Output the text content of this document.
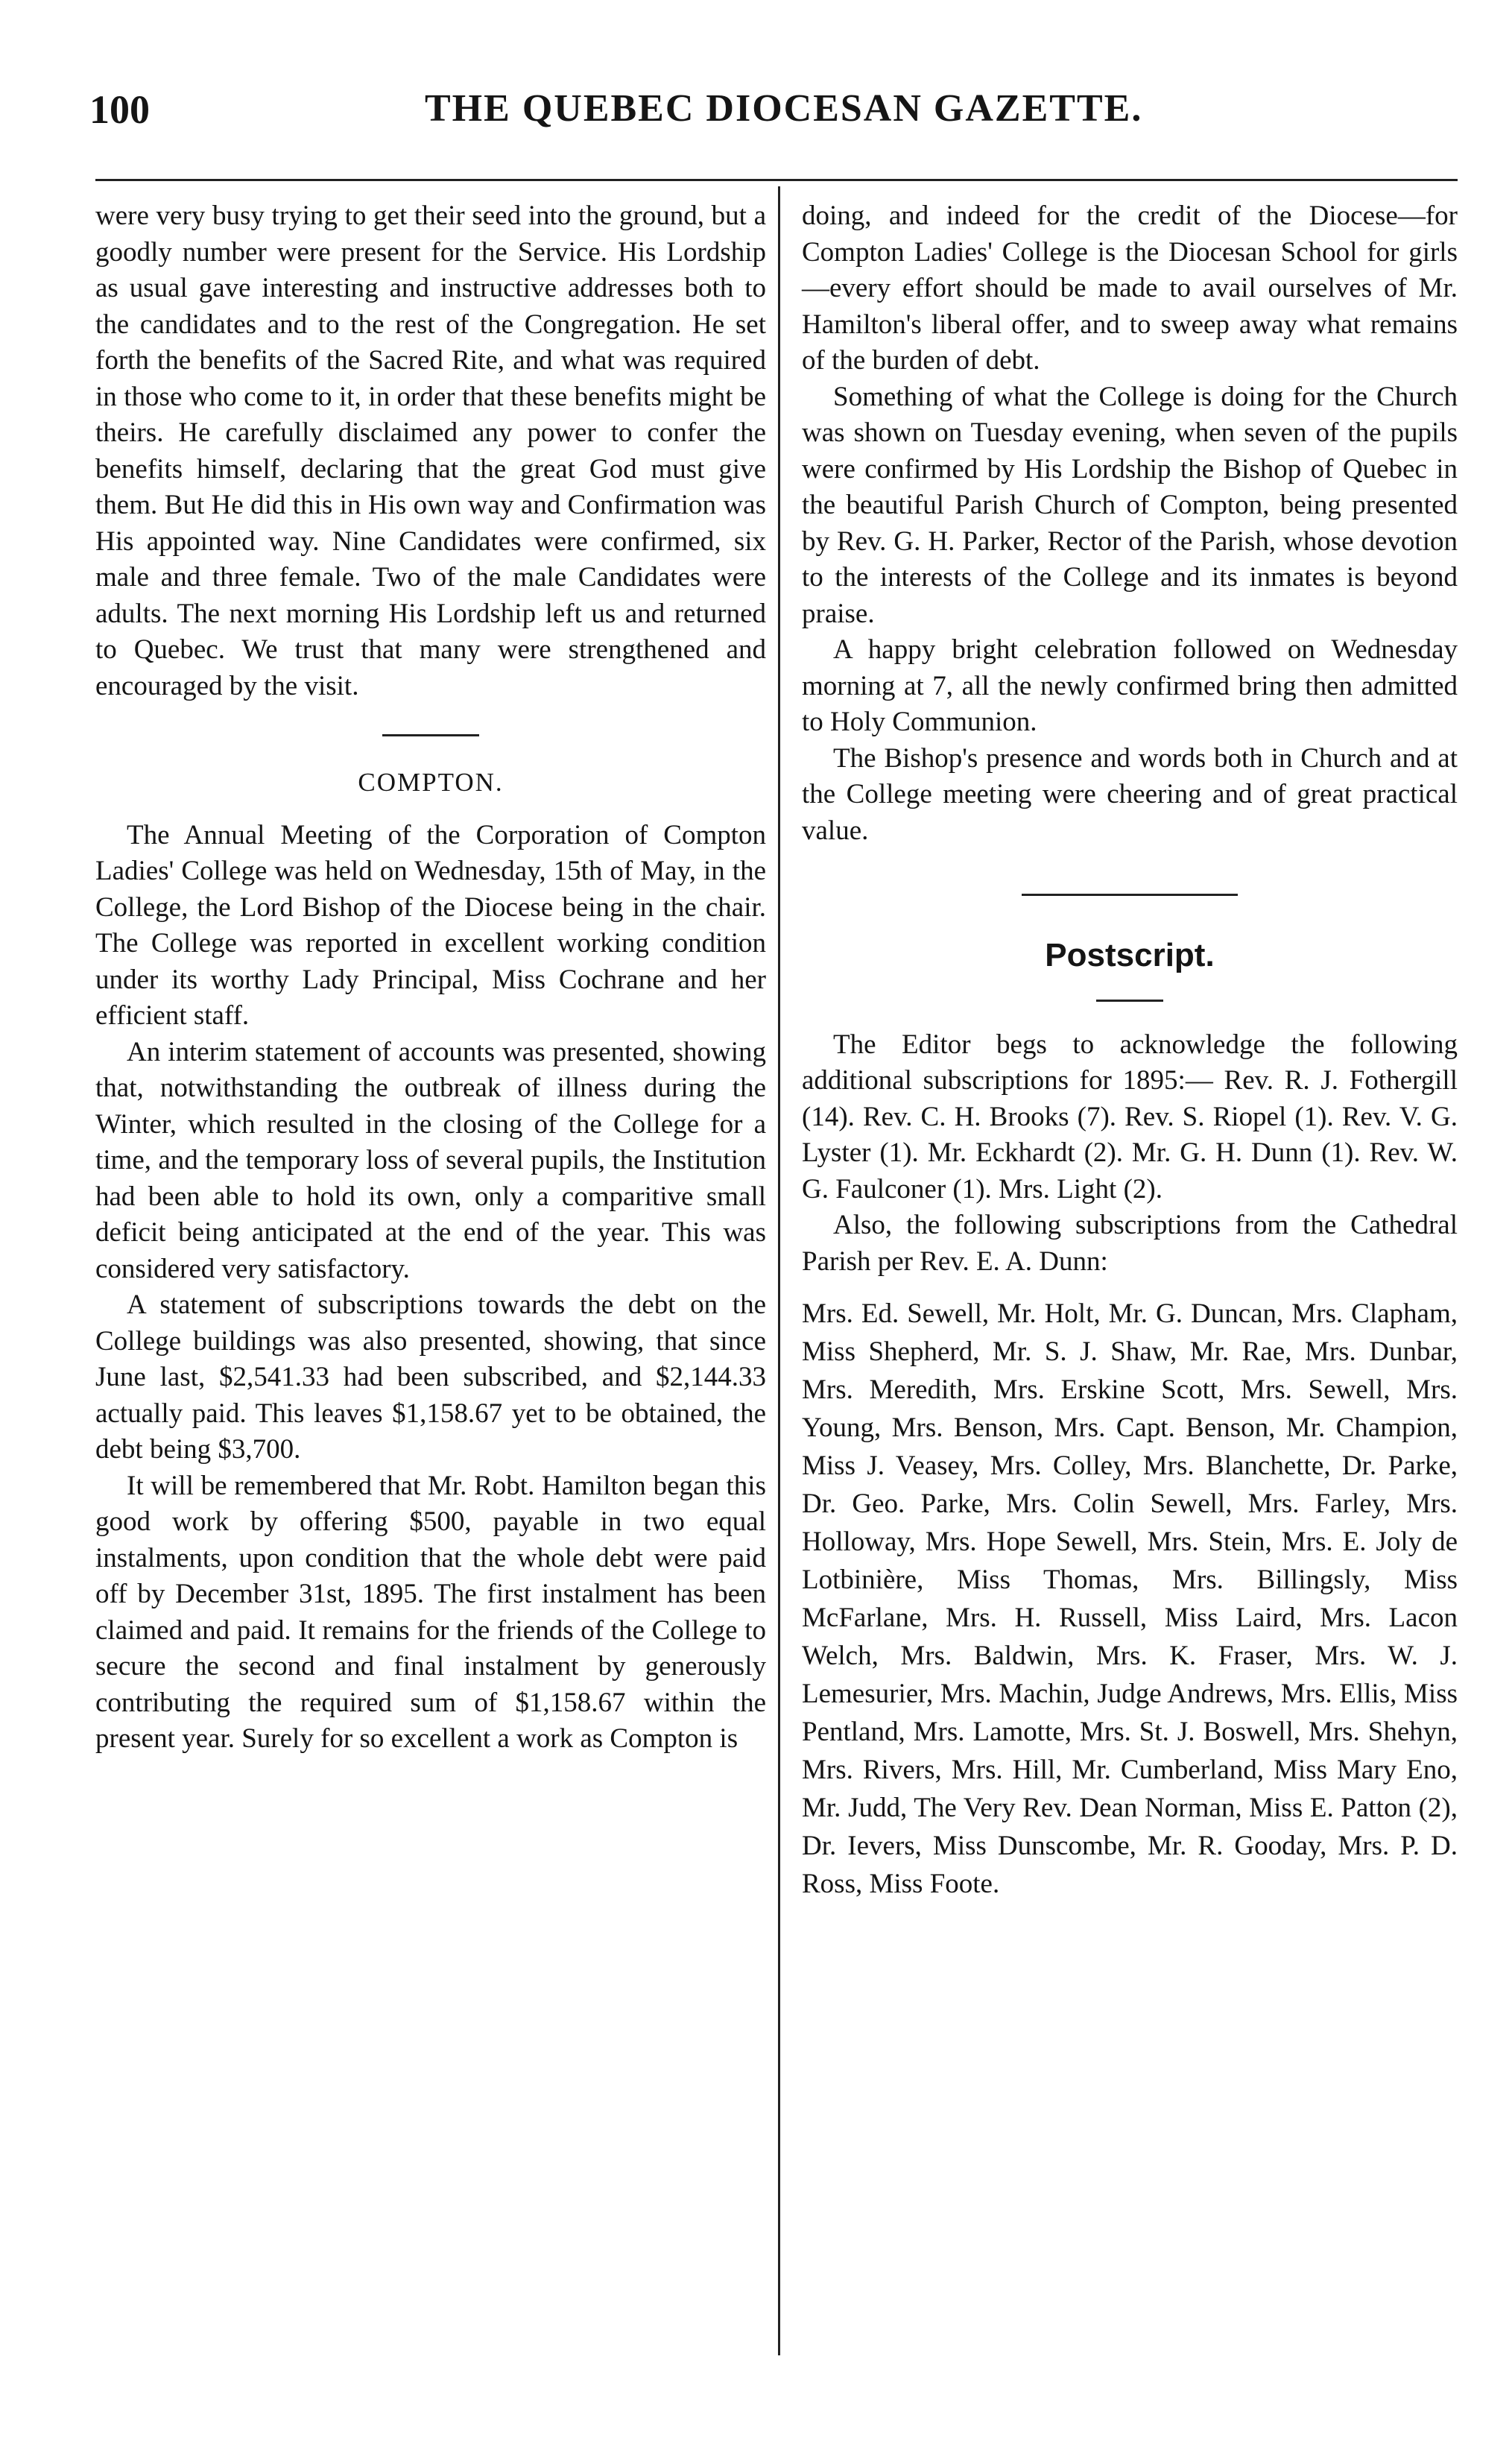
100	THE QUEBEC DIOCESAN GAZETTE.

were very busy trying to get their seed into the ground, but a goodly number were present for the Service. His Lordship as usual gave interesting and instructive addresses both to the candidates and to the rest of the Congregation. He set forth the benefits of the Sacred Rite, and what was required in those who come to it, in order that these benefits might be theirs. He carefully disclaimed any power to confer the benefits himself, declaring that the great God must give them. But He did this in His own way and Confirmation was His appointed way. Nine Candidates were confirmed, six male and three female. Two of the male Candidates were adults. The next morning His Lordship left us and returned to Quebec. We trust that many were strengthened and encouraged by the visit.

COMPTON.

The Annual Meeting of the Corporation of Compton Ladies' College was held on Wednesday, 15th of May, in the College, the Lord Bishop of the Diocese being in the chair. The College was reported in excellent working condition under its worthy Lady Principal, Miss Cochrane and her efficient staff.

An interim statement of accounts was presented, showing that, notwithstanding the outbreak of illness during the Winter, which resulted in the closing of the College for a time, and the temporary loss of several pupils, the Institution had been able to hold its own, only a comparitive small deficit being anticipated at the end of the year. This was considered very satisfactory.

A statement of subscriptions towards the debt on the College buildings was also presented, showing, that since June last, $2,541.33 had been subscribed, and $2,144.33 actually paid. This leaves $1,158.67 yet to be obtained, the debt being $3,700.

It will be remembered that Mr. Robt. Hamilton began this good work by offering $500, payable in two equal instalments, upon condition that the whole debt were paid off by December 31st, 1895. The first instalment has been claimed and paid. It remains for the friends of the College to secure the second and final instalment by generously contributing the required sum of $1,158.67 within the present year. Surely for so excellent a work as Compton is

doing, and indeed for the credit of the Diocese—for Compton Ladies' College is the Diocesan School for girls—every effort should be made to avail ourselves of Mr. Hamilton's liberal offer, and to sweep away what remains of the burden of debt.

Something of what the College is doing for the Church was shown on Tuesday evening, when seven of the pupils were confirmed by His Lordship the Bishop of Quebec in the beautiful Parish Church of Compton, being presented by Rev. G. H. Parker, Rector of the Parish, whose devotion to the interests of the College and its inmates is beyond praise.

A happy bright celebration followed on Wednesday morning at 7, all the newly confirmed bring then admitted to Holy Communion.

The Bishop's presence and words both in Church and at the College meeting were cheering and of great practical value.

Postscript.

The Editor begs to acknowledge the following additional subscriptions for 1895:— Rev. R. J. Fothergill (14). Rev. C. H. Brooks (7). Rev. S. Riopel (1). Rev. V. G. Lyster (1). Mr. Eckhardt (2). Mr. G. H. Dunn (1). Rev. W. G. Faulconer (1). Mrs. Light (2).

Also, the following subscriptions from the Cathedral Parish per Rev. E. A. Dunn:

Mrs. Ed. Sewell, Mr. Holt, Mr. G. Duncan, Mrs. Clapham, Miss Shepherd, Mr. S. J. Shaw, Mr. Rae, Mrs. Dunbar, Mrs. Meredith, Mrs. Erskine Scott, Mrs. Sewell, Mrs. Young, Mrs. Benson, Mrs. Capt. Benson, Mr. Champion, Miss J. Veasey, Mrs. Colley, Mrs. Blanchette, Dr. Parke, Dr. Geo. Parke, Mrs. Colin Sewell, Mrs. Farley, Mrs. Holloway, Mrs. Hope Sewell, Mrs. Stein, Mrs. E. Joly de Lotbinière, Miss Thomas, Mrs. Billingsly, Miss McFarlane, Mrs. H. Russell, Miss Laird, Mrs. Lacon Welch, Mrs. Baldwin, Mrs. K. Fraser, Mrs. W. J. Lemesurier, Mrs. Machin, Judge Andrews, Mrs. Ellis, Miss Pentland, Mrs. Lamotte, Mrs. St. J. Boswell, Mrs. Shehyn, Mrs. Rivers, Mrs. Hill, Mr. Cumberland, Miss Mary Eno, Mr. Judd, The Very Rev. Dean Norman, Miss E. Patton (2), Dr. Ievers, Miss Dunscombe, Mr. R. Gooday, Mrs. P. D. Ross, Miss Foote.
